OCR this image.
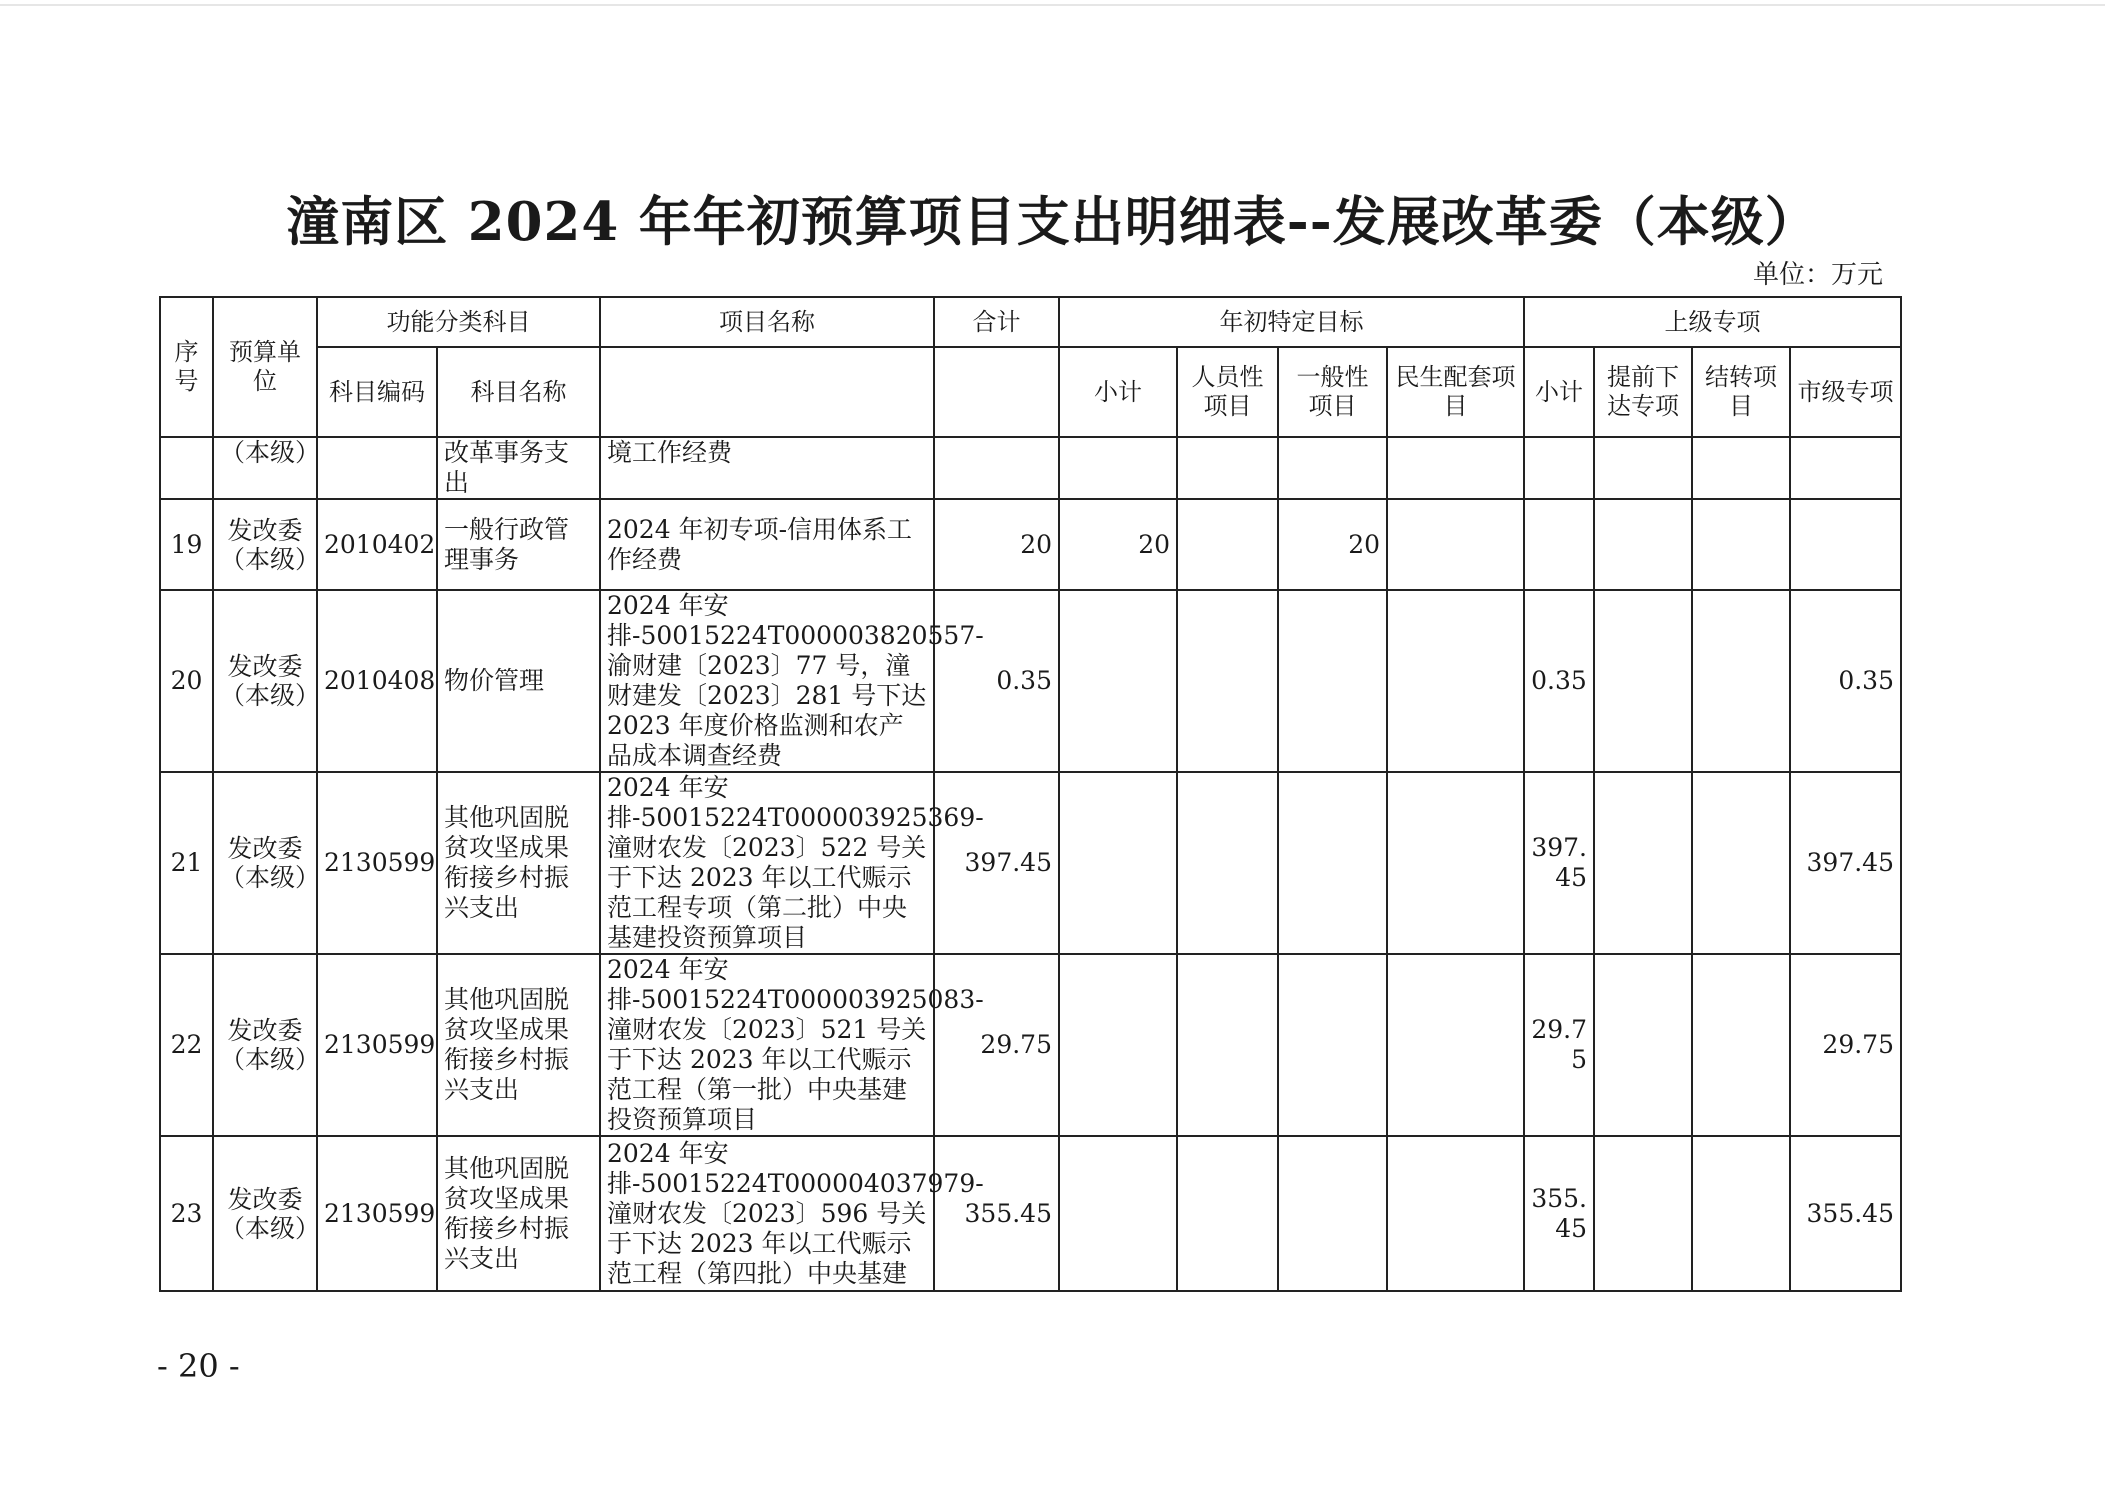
潼南区 2024 年年初预算项目支出明细表--发展改革委（本级）
单位：万元
序号	预算单位	功能分类科目		项目名称	合计	年初特定目标				上级专项			
		科目编码	科目名称			小计	人员性项目	一般性项目	民生配套项目	小计	提前下达专项	结转项目	市级专项
	（本级）		改革事务支出	境工作经费									
19	发改委（本级）	2010402	一般行政管理事务	2024 年初专项-信用体系工作经费	20	20		20					
20	发改委（本级）	2010408	物价管理	2024 年安排-50015224T000003820557-渝财建〔2023〕77 号，潼财建发〔2023〕281 号下达 2023 年度价格监测和农产品成本调查经费	0.35					0.35			0.35
21	发改委（本级）	2130599	其他巩固脱贫攻坚成果衔接乡村振兴支出	2024 年安排-50015224T000003925369-潼财农发〔2023〕522 号关于下达 2023 年以工代赈示范工程专项（第二批）中央基建投资预算项目	397.45					397.45			397.45
22	发改委（本级）	2130599	其他巩固脱贫攻坚成果衔接乡村振兴支出	2024 年安排-50015224T000003925083-潼财农发〔2023〕521 号关于下达 2023 年以工代赈示范工程（第一批）中央基建投资预算项目	29.75					29.75			29.75
23	发改委（本级）	2130599	其他巩固脱贫攻坚成果衔接乡村振兴支出	2024 年安排-50015224T000004037979-潼财农发〔2023〕596 号关于下达 2023 年以工代赈示范工程（第四批）中央基建	355.45					355.45			355.45
- 20 -
